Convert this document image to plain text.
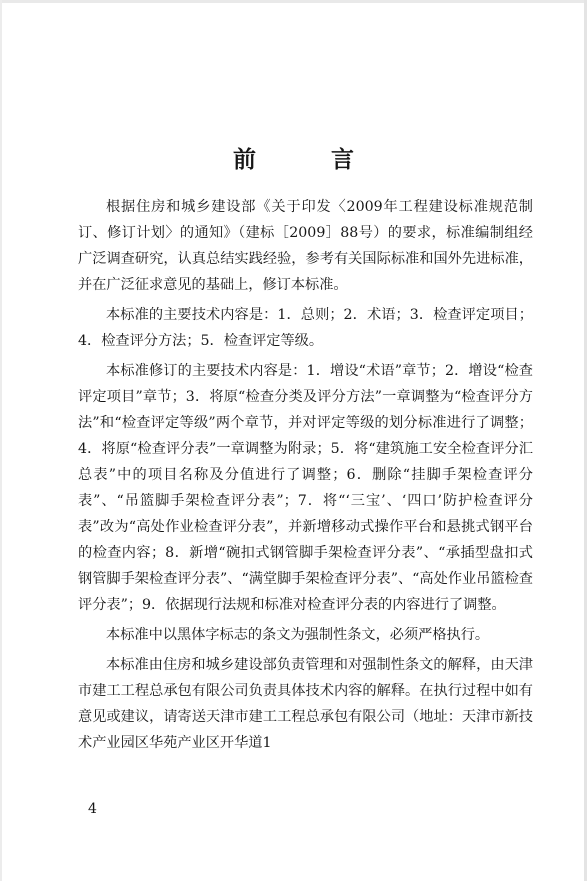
前　言

根据住房和城乡建设部《关于印发〈2009年工程建设标准规范制订、修订计划〉的通知》（建标［2009］88号）的要求，标准编制组经广泛调查研究，认真总结实践经验，参考有关国际标准和国外先进标准，并在广泛征求意见的基础上，修订本标准。

本标准的主要技术内容是：1．总则；2．术语；3．检查评定项目；4．检查评分方法；5．检查评定等级。

本标准修订的主要技术内容是：1．增设“术语”章节；2．增设“检查评定项目”章节；3．将原“检查分类及评分方法”一章调整为“检查评分方法”和“检查评定等级”两个章节，并对评定等级的划分标准进行了调整；4．将原“检查评分表”一章调整为附录；5．将“建筑施工安全检查评分汇总表”中的项目名称及分值进行了调整；6．删除“挂脚手架检查评分表”、“吊篮脚手架检查评分表”；7．将“‘三宝’、‘四口’防护检查评分表”改为“高处作业检查评分表”，并新增移动式操作平台和悬挑式钢平台的检查内容；8．新增“碗扣式钢管脚手架检查评分表”、“承插型盘扣式钢管脚手架检查评分表”、“满堂脚手架检查评分表”、“高处作业吊篮检查评分表”；9．依据现行法规和标准对检查评分表的内容进行了调整。

本标准中以黑体字标志的条文为强制性条文，必须严格执行。

本标准由住房和城乡建设部负责管理和对强制性条文的解释，由天津市建工工程总承包有限公司负责具体技术内容的解释。在执行过程中如有意见或建议，请寄送天津市建工工程总承包有限公司（地址：天津市新技术产业园区华苑产业区开华道1

4
